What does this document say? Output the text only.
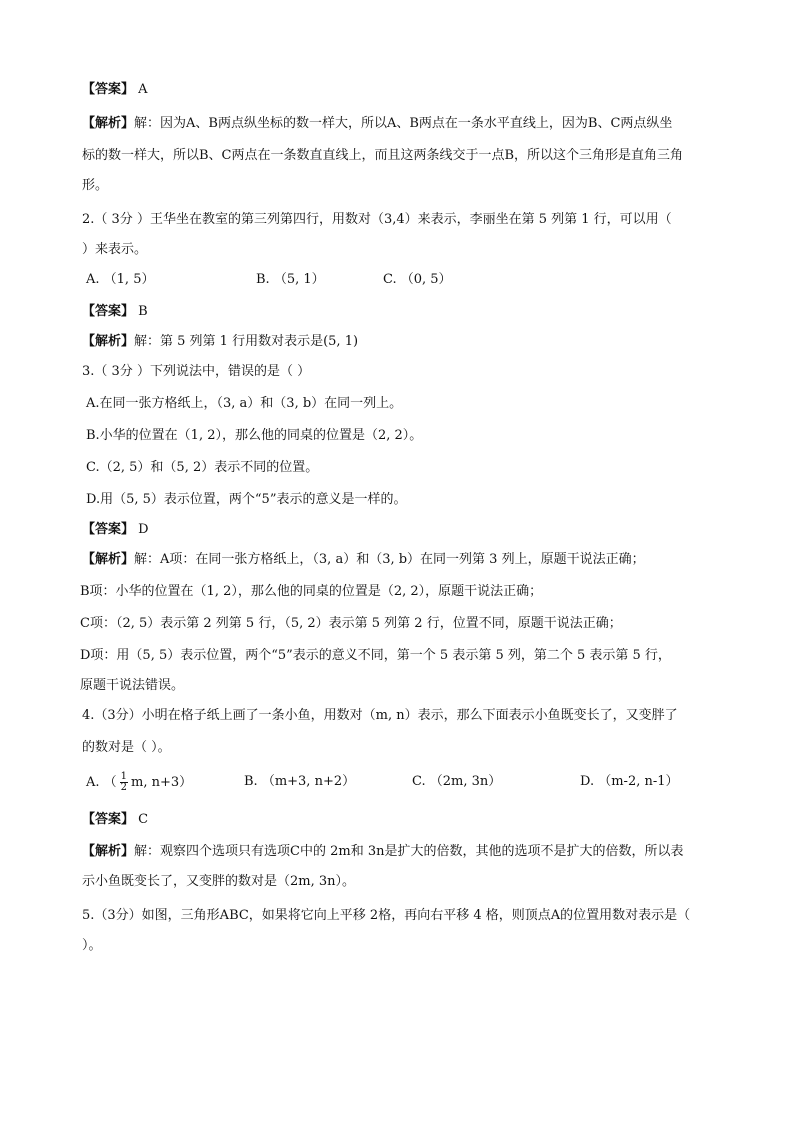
【答案】 A
【解析】解：因为A、B两点纵坐标的数一样大，所以A、B两点在一条水平直线上，因为B、C两点纵坐
标的数一样大，所以B、C两点在一条数直直线上，而且这两条线交于一点B，所以这个三角形是直角三角
形。
2.（ 3分 ）王华坐在教室的第三列第四行，用数对（3,4）来表示，李丽坐在第 5 列第 1 行，可以用（
）来表示。
A. （1, 5）	B. （5, 1）	C. （0, 5）
【答案】 B
【解析】解：第 5 列第 1 行用数对表示是(5, 1)
3.（ 3分 ）下列说法中，错误的是（ ）
A.在同一张方格纸上，（3, a）和（3, b）在同一列上。
B.小华的位置在（1, 2），那么他的同桌的位置是（2, 2）。
C.（2, 5）和（5, 2）表示不同的位置。
D.用（5, 5）表示位置，两个“5”表示的意义是一样的。
【答案】 D
【解析】解：A项：在同一张方格纸上，（3, a）和（3, b）在同一列第 3 列上，原题干说法正确；
B项：小华的位置在（1, 2），那么他的同桌的位置是（2, 2），原题干说法正确；
C项：（2, 5）表示第 2 列第 5 行，（5, 2）表示第 5 列第 2 行，位置不同，原题干说法正确；
D项：用（5, 5）表示位置，两个“5”表示的意义不同，第一个 5 表示第 5 列，第二个 5 表示第 5 行，
原题干说法错误。
4.（3分）小明在格子纸上画了一条小鱼，用数对（m, n）表示，那么下面表示小鱼既变长了，又变胖了
的数对是（ ）。
A. （ $\frac{1}{2} m$, n+3）	B. （m+3, n+2）	C. （2m, 3n）	D. （m-2, n-1）
【答案】 C
【解析】解：观察四个选项只有选项C中的 2m和 3n是扩大的倍数，其他的选项不是扩大的倍数，所以表
示小鱼既变长了，又变胖的数对是（2m, 3n）。
5.（3分）如图，三角形ABC，如果将它向上平移 2格，再向右平移 4 格，则顶点A的位置用数对表示是（
）。
